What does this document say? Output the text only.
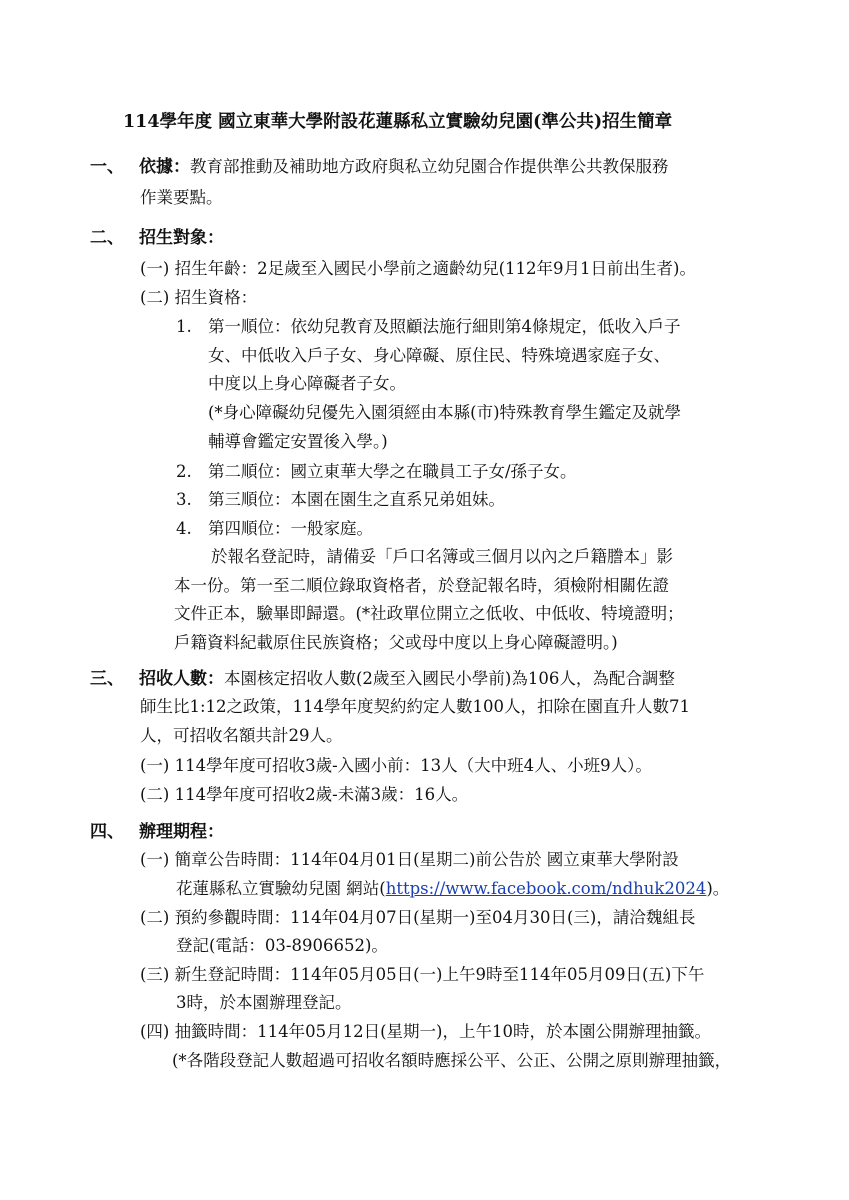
114學年度 國立東華大學附設花蓮縣私立實驗幼兒園(準公共)招生簡章
一、 依據：教育部推動及補助地方政府與私立幼兒園合作提供準公共教保服務
作業要點。
二、 招生對象：
(一) 招生年齡：2足歲至入國民小學前之適齡幼兒(112年9月1日前出生者)。
(二) 招生資格：
1. 第一順位：依幼兒教育及照顧法施行細則第4條規定，低收入戶子
女、中低收入戶子女、身心障礙、原住民、特殊境遇家庭子女、
中度以上身心障礙者子女。
(*身心障礙幼兒優先入園須經由本縣(市)特殊教育學生鑑定及就學
輔導會鑑定安置後入學。)
2. 第二順位：國立東華大學之在職員工子女/孫子女。
3. 第三順位：本園在園生之直系兄弟姐妹。
4. 第四順位：一般家庭。
於報名登記時，請備妥「戶口名簿或三個月以內之戶籍謄本」影
本一份。第一至二順位錄取資格者，於登記報名時，須檢附相關佐證
文件正本，驗畢即歸還。(*社政單位開立之低收、中低收、特境證明；
戶籍資料紀載原住民族資格；父或母中度以上身心障礙證明。)
三、 招收人數：本園核定招收人數(2歲至入國民小學前)為106人，為配合調整
師生比1:12之政策，114學年度契約約定人數100人，扣除在園直升人數71
人，可招收名額共計29人。
(一) 114學年度可招收3歲-入國小前：13人（大中班4人、小班9人）。
(二) 114學年度可招收2歲-未滿3歲：16人。
四、 辦理期程：
(一) 簡章公告時間：114年04月01日(星期二)前公告於 國立東華大學附設
花蓮縣私立實驗幼兒園 網站(https://www.facebook.com/ndhuk2024)。
(二) 預約參觀時間：114年04月07日(星期一)至04月30日(三)，請洽魏組長
登記(電話：03-8906652)。
(三) 新生登記時間：114年05月05日(一)上午9時至114年05月09日(五)下午
3時，於本園辦理登記。
(四) 抽籤時間：114年05月12日(星期一)，上午10時，於本園公開辦理抽籤。
(*各階段登記人數超過可招收名額時應採公平、公正、公開之原則辦理抽籤，
